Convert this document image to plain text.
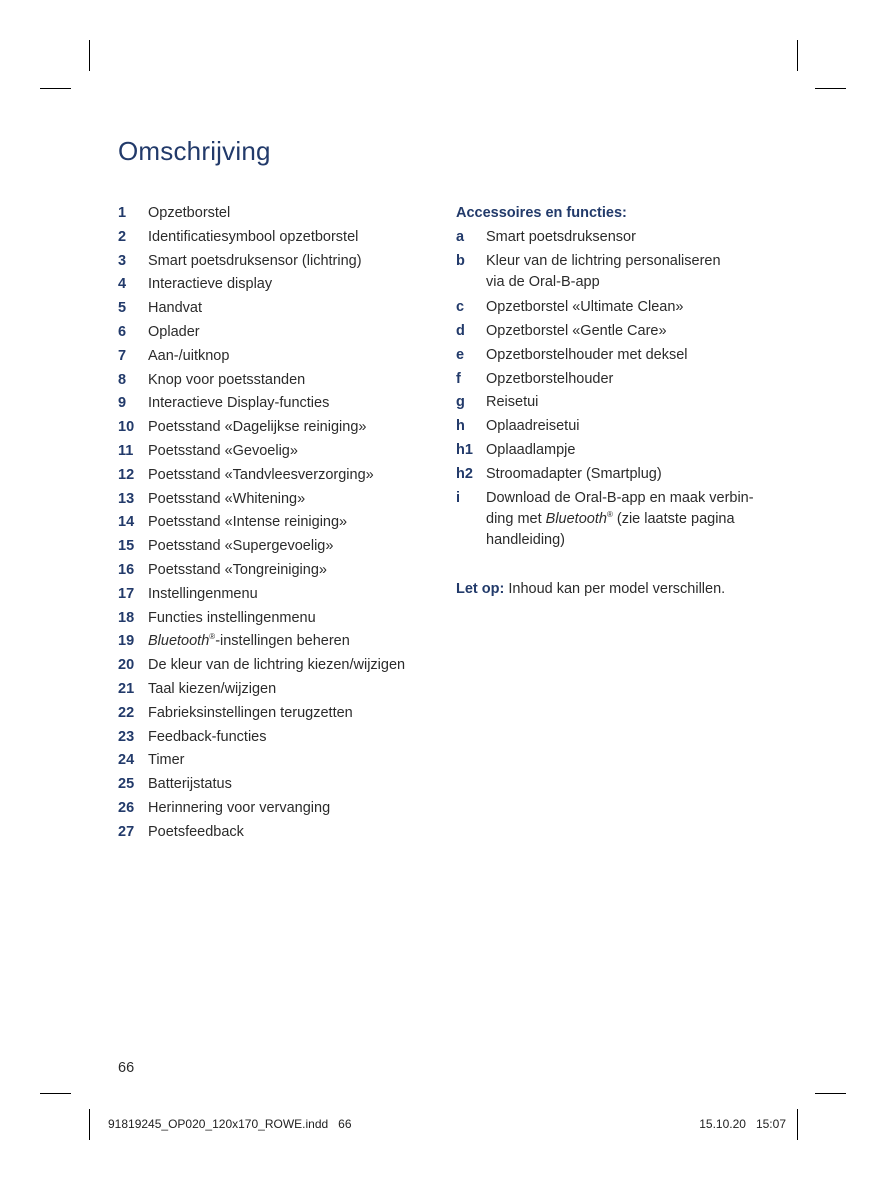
Omschrijving
1	Opzetborstel
2	Identificatiesymbool opzetborstel
3	Smart poetsdruksensor (lichtring)
4	Interactieve display
5	Handvat
6	Oplader
7	Aan-/uitknop
8	Knop voor poetsstanden
9	Interactieve Display-functies
10 Poetsstand «Dagelijkse reiniging»
11	Poetsstand «Gevoelig»
12 Poetsstand «Tandvleesverzorging»
13 Poetsstand «Whitening»
14 Poetsstand «Intense reiniging»
15 Poetsstand «Supergevoelig»
16 Poetsstand «Tongreiniging»
17 Instellingenmenu
18 Functies instellingenmenu
19 Bluetooth®-instellingen beheren
20 De kleur van de lichtring kiezen/wijzigen
21 Taal kiezen/wijzigen
22 Fabrieksinstellingen terugzetten
23 Feedback-functies
24 Timer
25 Batterijstatus
26 Herinnering voor vervanging
27 Poetsfeedback
Accessoires en functies:
a	Smart poetsdruksensor
b	Kleur van de lichtring personaliseren
via de Oral-B-app
c	Opzetborstel «Ultimate Clean»
d	Opzetborstel «Gentle Care»
e	Opzetborstelhouder met deksel
f	Opzetborstelhouder
g	Reisetui
h	Oplaadreisetui
h1 Oplaadlampje
h2 Stroomadapter (Smartplug)
i	Download de Oral-B-app en maak verbin-
ding met Bluetooth® (zie laatste pagina
handleiding)
Let op: Inhoud kan per model verschillen.
66
91819245_OP020_120x170_ROWE.indd   66	15.10.20   15:07
